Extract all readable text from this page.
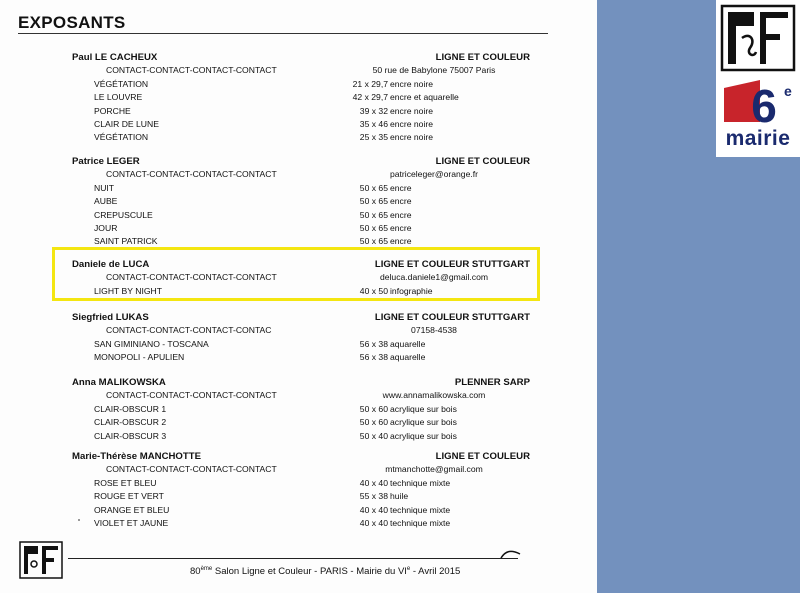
EXPOSANTS
Paul LE CACHEUX	LIGNE ET COULEUR
CONTACT-CONTACT-CONTACT-CONTACT	50 rue de Babylone 75007 Paris
VÉGÉTATION	21 x 29,7 encre noire
LE LOUVRE	42 x 29,7 encre et aquarelle
PORCHE	39 x 32 encre noire
CLAIR DE LUNE	35 x 46 encre noire
VÉGÉTATION	25 x 35 encre noire
Patrice LEGER	LIGNE ET COULEUR
CONTACT-CONTACT-CONTACT-CONTACT	patriceleger@orange.fr
NUIT	50 x 65 encre
AUBE	50 x 65 encre
CREPUSCULE	50 x 65 encre
JOUR	50 x 65 encre
SAINT PATRICK	50 x 65 encre
Daniele de LUCA	LIGNE ET COULEUR STUTTGART
CONTACT-CONTACT-CONTACT-CONTACT	deluca.daniele1@gmail.com
LIGHT BY NIGHT	40 x 50 infographie
Siegfried LUKAS	LIGNE ET COULEUR STUTTGART
CONTACT-CONTACT-CONTACT-CONTAC	07158-4538
SAN GIMINIANO - TOSCANA	56 x 38 aquarelle
MONOPOLI - APULIEN	56 x 38 aquarelle
Anna MALIKOWSKA	PLENNER SARP
CONTACT-CONTACT-CONTACT-CONTACT	www.annamalikowska.com
CLAIR-OBSCUR 1	50 x 60 acrylique sur bois
CLAIR-OBSCUR 2	50 x 60 acrylique sur bois
CLAIR-OBSCUR 3	50 x 40 acrylique sur bois
Marie-Thérèse MANCHOTTE	LIGNE ET COULEUR
CONTACT-CONTACT-CONTACT-CONTACT	mtmanchotte@gmail.com
ROSE ET BLEU	40 x 40 technique mixte
ROUGE ET VERT	55 x 38 huile
ORANGE ET BLEU	40 x 40 technique mixte
VIOLET ET JAUNE	40 x 40 technique mixte
80ème Salon Ligne et Couleur - PARIS - Mairie du VIe - Avril 2015
6 e
mairie
